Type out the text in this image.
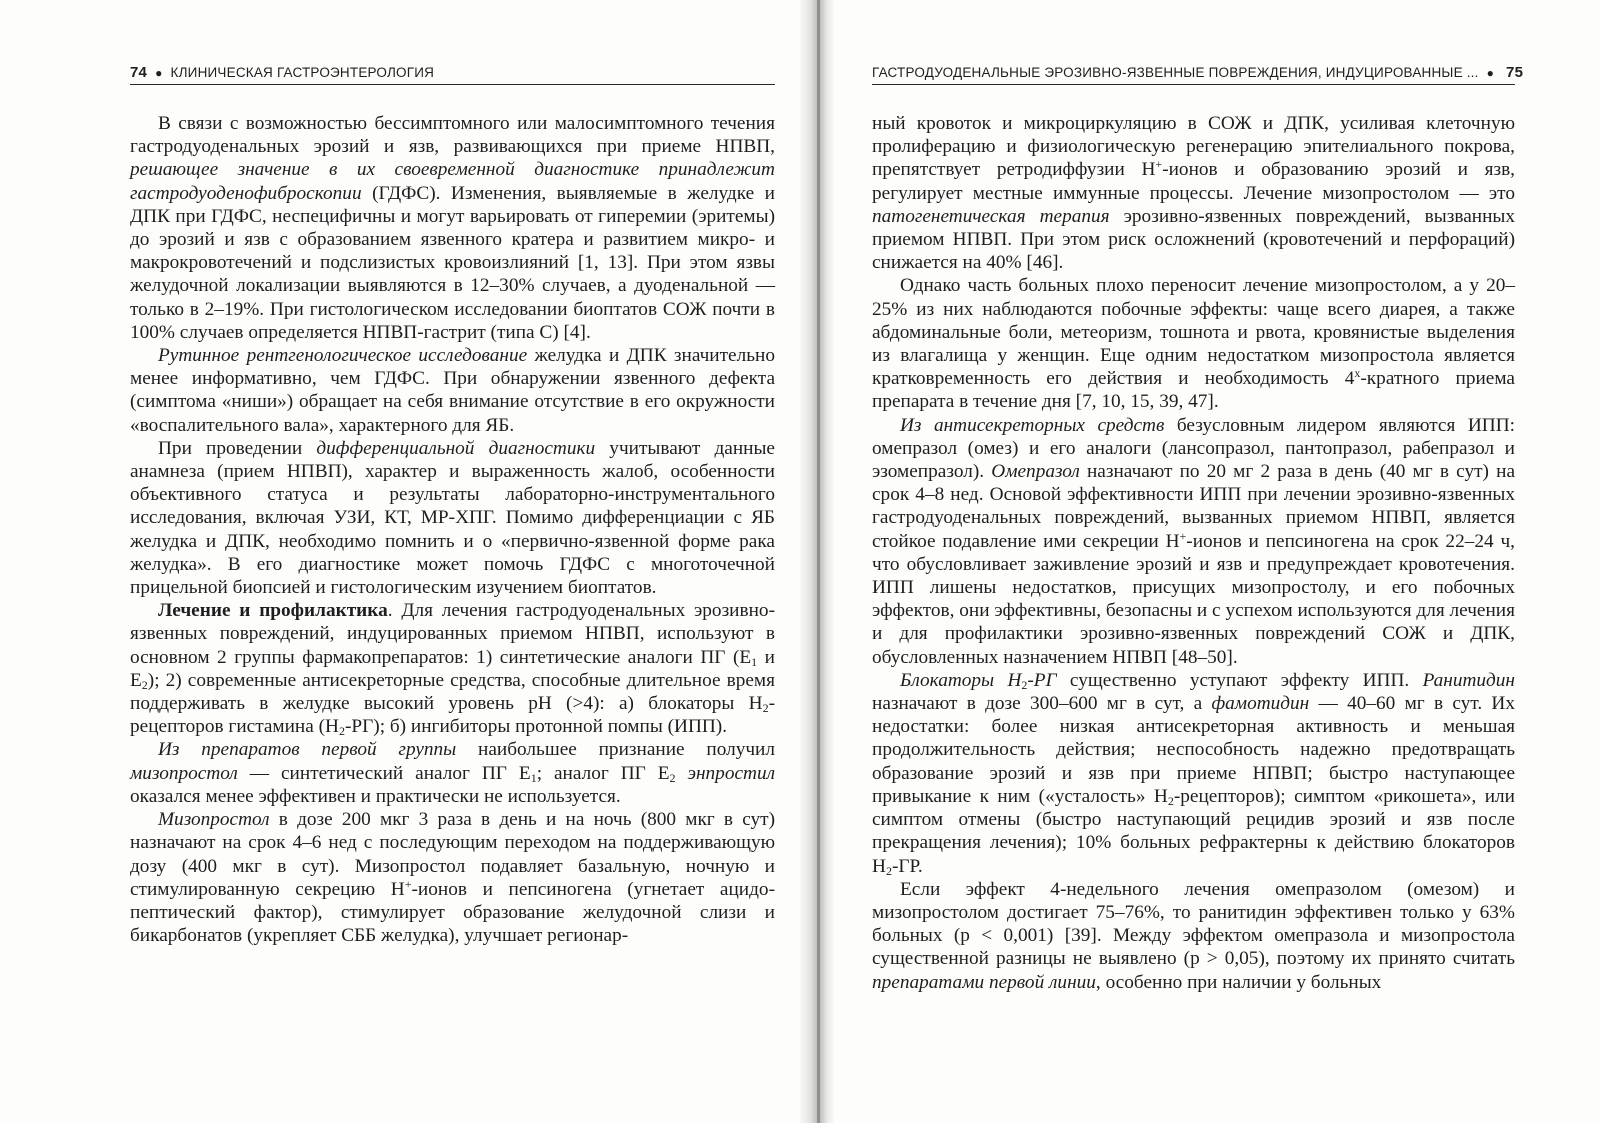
74 ● КЛИНИЧЕСКАЯ ГАСТРОЭНТЕРОЛОГИЯ

В связи с возможностью бессимптомного или малосимптомного течения гастродуоденальных эрозий и язв, развивающихся при приеме НПВП, решающее значение в их своевременной диагностике принадлежит гастродуоденофиброскопии (ГДФС). Изменения, выявляемые в желудке и ДПК при ГДФС, неспецифичны и могут варьировать от гиперемии (эритемы) до эрозий и язв с образованием язвенного кратера и развитием микро- и макрокровотечений и подслизистых кровоизлияний [1, 13]. При этом язвы желудочной локализации выявляются в 12–30% случаев, а дуоденальной — только в 2–19%. При гистологическом исследовании биоптатов СОЖ почти в 100% случаев определяется НПВП-гастрит (типа С) [4].

Рутинное рентгенологическое исследование желудка и ДПК значительно менее информативно, чем ГДФС. При обнаружении язвенного дефекта (симптома «ниши») обращает на себя внимание отсутствие в его окружности «воспалительного вала», характерного для ЯБ.

При проведении дифференциальной диагностики учитывают данные анамнеза (прием НПВП), характер и выраженность жалоб, особенности объективного статуса и результаты лабораторно-инструментального исследования, включая УЗИ, КТ, МР-ХПГ. Помимо дифференциации с ЯБ желудка и ДПК, необходимо помнить и о «первично-язвенной форме рака желудка». В его диагностике может помочь ГДФС с многоточечной прицельной биопсией и гистологическим изучением биоптатов.

Лечение и профилактика. Для лечения гастродуоденальных эрозивно-язвенных повреждений, индуцированных приемом НПВП, используют в основном 2 группы фармакопрепаратов: 1) синтетические аналоги ПГ ($Е_1$ и $Е_2$); 2) современные антисекреторные средства, способные длительное время поддерживать в желудке высокий уровень рН (>4): а) блокаторы $Н_2$-рецепторов гистамина $(Н_2-РГ)$; б) ингибиторы протонной помпы (ИПП).

Из препаратов первой группы наибольшее признание получил мизопростол — синтетический аналог ПГ $Е_1$; аналог ПГ $Е_2$ энпростил оказался менее эффективен и практически не используется.

Мизопростол в дозе 200 мкг 3 раза в день и на ночь (800 мкг в сут) назначают на срок 4–6 нед с последующим переходом на поддерживающую дозу (400 мкг в сут). Мизопростол подавляет базальную, ночную и стимулированную секрецию Н+-ионов и пепсиногена (угнетает ацидо-пептический фактор), стимулирует образование желудочной слизи и бикарбонатов (укрепляет СББ желудка), улучшает регионар-

ГАСТРОДУОДЕНАЛЬНЫЕ ЭРОЗИВНО-ЯЗВЕННЫЕ ПОВРЕЖДЕНИЯ, ИНДУЦИРОВАННЫЕ ... ● 75

ный кровоток и микроциркуляцию в СОЖ и ДПК, усиливая клеточную пролиферацию и физиологическую регенерацию эпителиального покрова, препятствует ретродиффузии Н+-ионов и образованию эрозий и язв, регулирует местные иммунные процессы. Лечение мизопростолом — это патогенетическая терапия эрозивно-язвенных повреждений, вызванных приемом НПВП. При этом риск осложнений (кровотечений и перфораций) снижается на 40% [46].

Однако часть больных плохо переносит лечение мизопростолом, а у 20–25% из них наблюдаются побочные эффекты: чаще всего диарея, а также абдоминальные боли, метеоризм, тошнота и рвота, кровянистые выделения из влагалища у женщин. Еще одним недостатком мизопростола является кратковременность его действия и необходимость $4^х$-кратного приема препарата в течение дня [7, 10, 15, 39, 47].

Из антисекреторных средств безусловным лидером являются ИПП: омепразол (омез) и его аналоги (лансопразол, пантопразол, рабепразол и эзомепразол). Омепразол назначают по 20 мг 2 раза в день (40 мг в сут) на срок 4–8 нед. Основой эффективности ИПП при лечении эрозивно-язвенных гастродуоденальных повреждений, вызванных приемом НПВП, является стойкое подавление ими секреции Н+-ионов и пепсиногена на срок 22–24 ч, что обусловливает заживление эрозий и язв и предупреждает кровотечения. ИПП лишены недостатков, присущих мизопростолу, и его побочных эффектов, они эффективны, безопасны и с успехом используются для лечения и для профилактики эрозивно-язвенных повреждений СОЖ и ДПК, обусловленных назначением НПВП [48–50].

Блокаторы $Н_2-РГ$ существенно уступают эффекту ИПП. Ранитидин назначают в дозе 300–600 мг в сут, а фамотидин — 40–60 мг в сут. Их недостатки: более низкая антисекреторная активность и меньшая продолжительность действия; неспособность надежно предотвращать образование эрозий и язв при приеме НПВП; быстро наступающее привыкание к ним («усталость» $Н_2-рецепторов$); симптом «рикошета», или симптом отмены (быстро наступающий рецидив эрозий и язв после прекращения лечения); 10% больных рефрактерны к действию блокаторов $Н_2-ГР$.

Если эффект 4-недельного лечения омепразолом (омезом) и мизопростолом достигает 75–76%, то ранитидин эффективен только у 63% больных (p < 0,001) [39]. Между эффектом омепразола и мизопростола существенной разницы не выявлено (p > 0,05), поэтому их принято считать препаратами первой линии, особенно при наличии у больных
